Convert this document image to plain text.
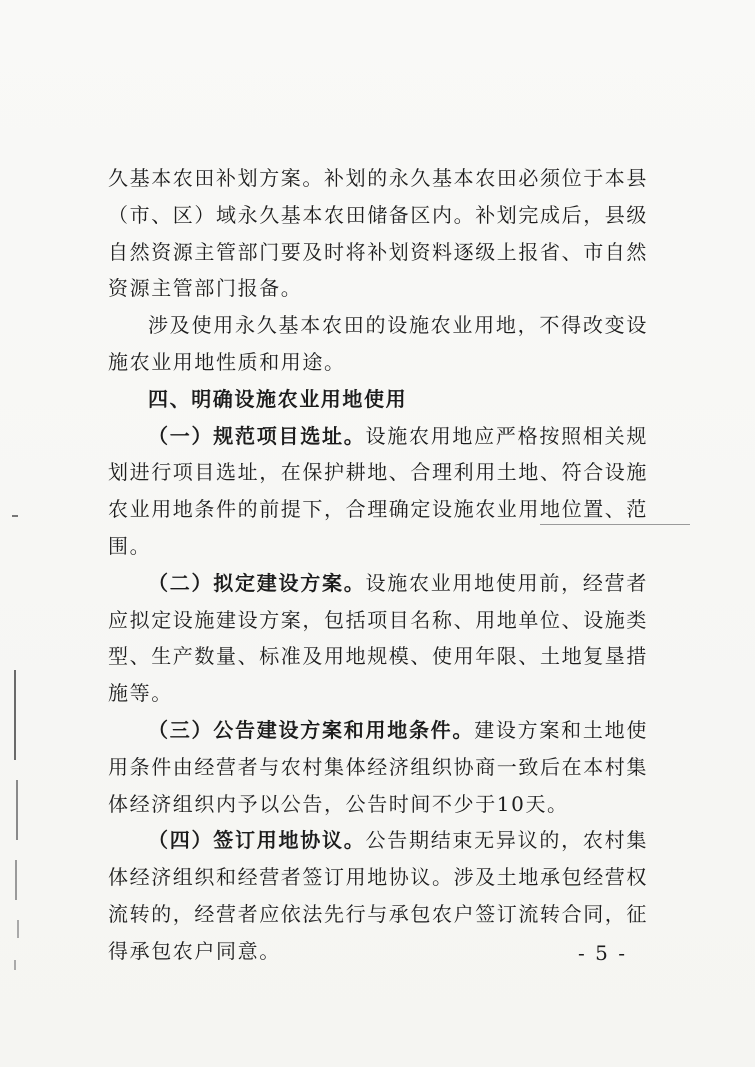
久基本农田补划方案。补划的永久基本农田必须位于本县（市、区）域永久基本农田储备区内。补划完成后，县级自然资源主管部门要及时将补划资料逐级上报省、市自然资源主管部门报备。

涉及使用永久基本农田的设施农业用地，不得改变设施农业用地性质和用途。

四、明确设施农业用地使用

（一）规范项目选址。设施农用地应严格按照相关规划进行项目选址，在保护耕地、合理利用土地、符合设施农业用地条件的前提下，合理确定设施农业用地位置、范围。

（二）拟定建设方案。设施农业用地使用前，经营者应拟定设施建设方案，包括项目名称、用地单位、设施类型、生产数量、标准及用地规模、使用年限、土地复垦措施等。

（三）公告建设方案和用地条件。建设方案和土地使用条件由经营者与农村集体经济组织协商一致后在本村集体经济组织内予以公告，公告时间不少于10天。

（四）签订用地协议。公告期结束无异议的，农村集体经济组织和经营者签订用地协议。涉及土地承包经营权流转的，经营者应依法先行与承包农户签订流转合同，征得承包农户同意。	- 5 -
